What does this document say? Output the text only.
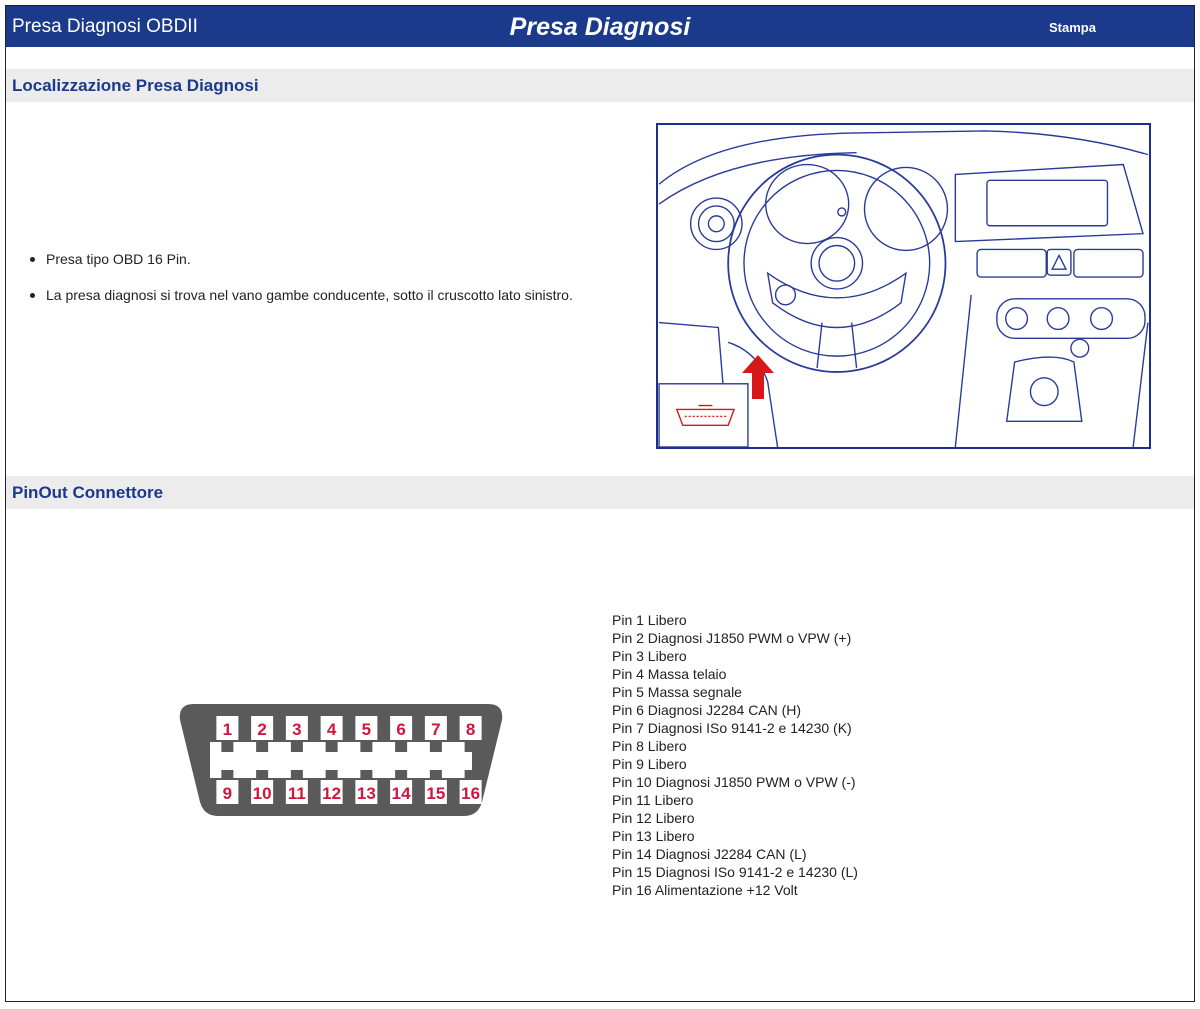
Presa Diagnosi OBDII	Presa Diagnosi	Stampa
Localizzazione Presa Diagnosi
Presa tipo OBD 16 Pin.
La presa diagnosi si trova nel vano gambe conducente, sotto il cruscotto lato sinistro.
PinOut Connettore
1 2 3 4 5 6 7 8
9 10 11 12 13 14 15 16
Pin 1 Libero
Pin 2 Diagnosi J1850 PWM o VPW (+)
Pin 3 Libero
Pin 4 Massa telaio
Pin 5 Massa segnale
Pin 6 Diagnosi J2284 CAN (H)
Pin 7 Diagnosi ISo 9141-2 e 14230 (K)
Pin 8 Libero
Pin 9 Libero
Pin 10 Diagnosi J1850 PWM o VPW (-)
Pin 11 Libero
Pin 12 Libero
Pin 13 Libero
Pin 14 Diagnosi J2284 CAN (L)
Pin 15 Diagnosi ISo 9141-2 e 14230 (L)
Pin 16 Alimentazione +12 Volt
